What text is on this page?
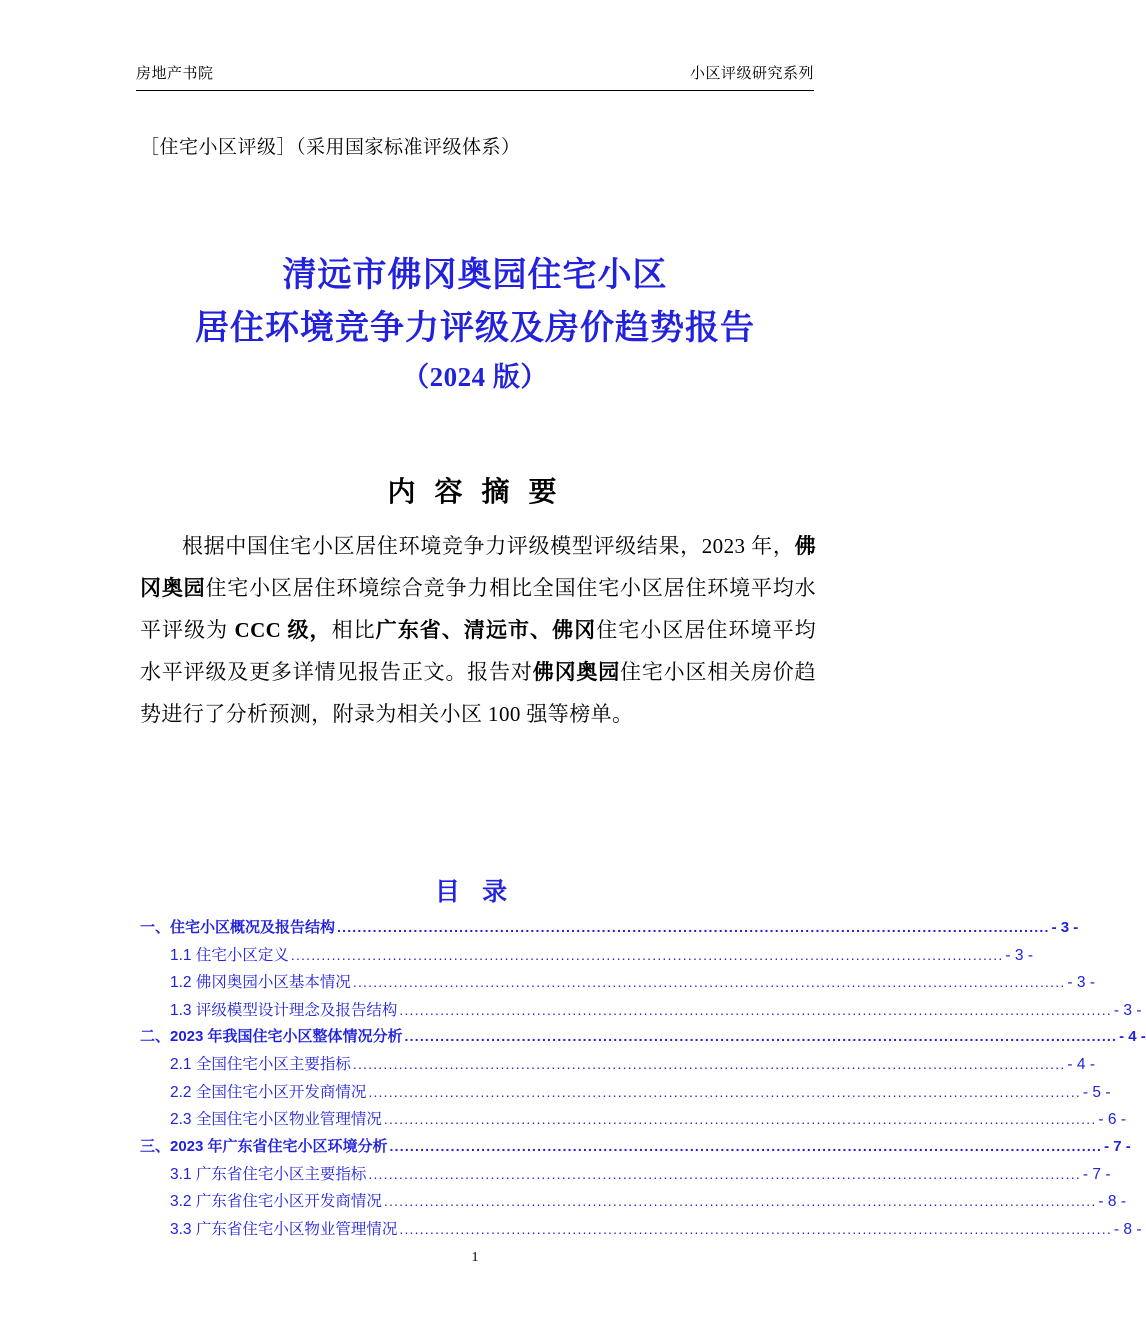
房地产书院	小区评级研究系列
［住宅小区评级］（采用国家标准评级体系）
清远市佛冈奥园住宅小区
居住环境竞争力评级及房价趋势报告
（2024 版）
内 容 摘 要
根据中国住宅小区居住环境竞争力评级模型评级结果，2023 年，佛冈奥园住宅小区居住环境综合竞争力相比全国住宅小区居住环境平均水平评级为 CCC 级，相比广东省、清远市、佛冈住宅小区居住环境平均水平评级及更多详情见报告正文。报告对佛冈奥园住宅小区相关房价趋势进行了分析预测，附录为相关小区 100 强等榜单。
目 录
一、住宅小区概况及报告结构 ............................................................................................................................................ - 3 -
1.1 住宅小区定义 ............................................................................................................................................ - 3 -
1.2 佛冈奥园小区基本情况 ............................................................................................................................................ - 3 -
1.3 评级模型设计理念及报告结构 ............................................................................................................................................ - 3 -
二、2023 年我国住宅小区整体情况分析 ............................................................................................................................................ - 4 -
2.1 全国住宅小区主要指标 ............................................................................................................................................ - 4 -
2.2 全国住宅小区开发商情况 ............................................................................................................................................ - 5 -
2.3 全国住宅小区物业管理情况 ............................................................................................................................................ - 6 -
三、2023 年广东省住宅小区环境分析 ............................................................................................................................................ - 7 -
3.1 广东省住宅小区主要指标 ............................................................................................................................................ - 7 -
3.2 广东省住宅小区开发商情况 ............................................................................................................................................ - 8 -
3.3 广东省住宅小区物业管理情况 ............................................................................................................................................ - 8 -
1
